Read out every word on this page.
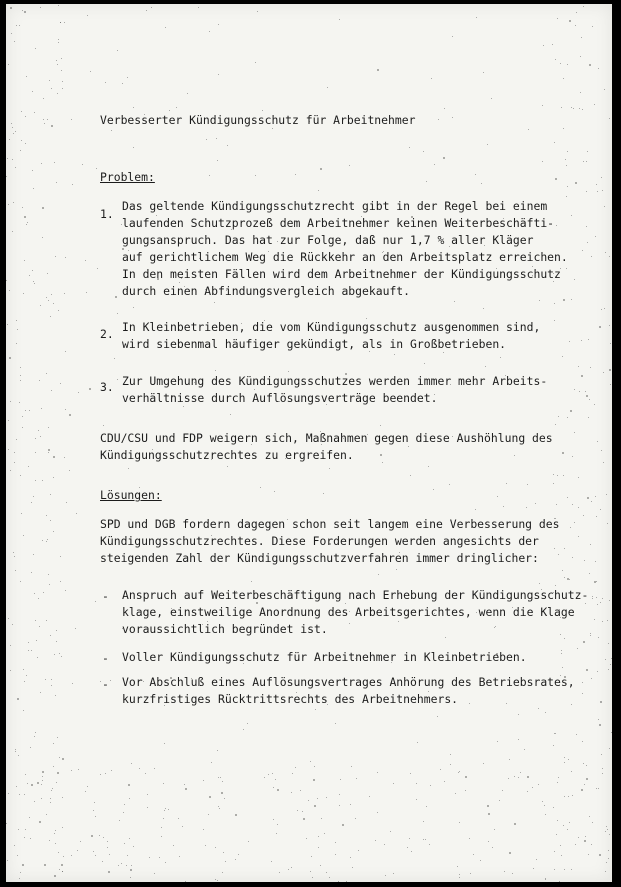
Verbesserter Kündigungsschutz für Arbeitnehmer
Problem:
1.
Das geltende Kündigungsschutzrecht gibt in der Regel bei einem
laufenden Schutzprozeß dem Arbeitnehmer keinen Weiterbeschäfti-
gungsanspruch. Das hat zur Folge, daß nur 1,7 % aller Kläger
auf gerichtlichem Weg die Rückkehr an den Arbeitsplatz erreichen.
In den meisten Fällen wird dem Arbeitnehmer der Kündigungsschutz
durch einen Abfindungsvergleich abgekauft.
2. In Kleinbetrieben, die vom Kündigungsschutz ausgenommen sind,
wird siebenmal häufiger gekündigt, als in Großbetrieben.
3. Zur Umgehung des Kündigungsschutzes werden immer mehr Arbeits-
verhältnisse durch Auflösungsverträge beendet.
CDU/CSU und FDP weigern sich, Maßnahmen gegen diese Aushöhlung des
Kündigungsschutzrechtes zu ergreifen.
Lösungen:
SPD und DGB fordern dagegen schon seit langem eine Verbesserung des
Kündigungsschutzrechtes. Diese Forderungen werden angesichts der
steigenden Zahl der Kündigungsschutzverfahren immer dringlicher:
- Anspruch auf Weiterbeschäftigung nach Erhebung der Kündigungsschutz-
klage, einstweilige Anordnung des Arbeitsgerichtes, wenn die Klage
voraussichtlich begründet ist.
- Voller Kündigungsschutz für Arbeitnehmer in Kleinbetrieben.
- Vor Abschluß eines Auflösungsvertrages Anhörung des Betriebsrates,
kurzfristiges Rücktrittsrechts des Arbeitnehmers.
